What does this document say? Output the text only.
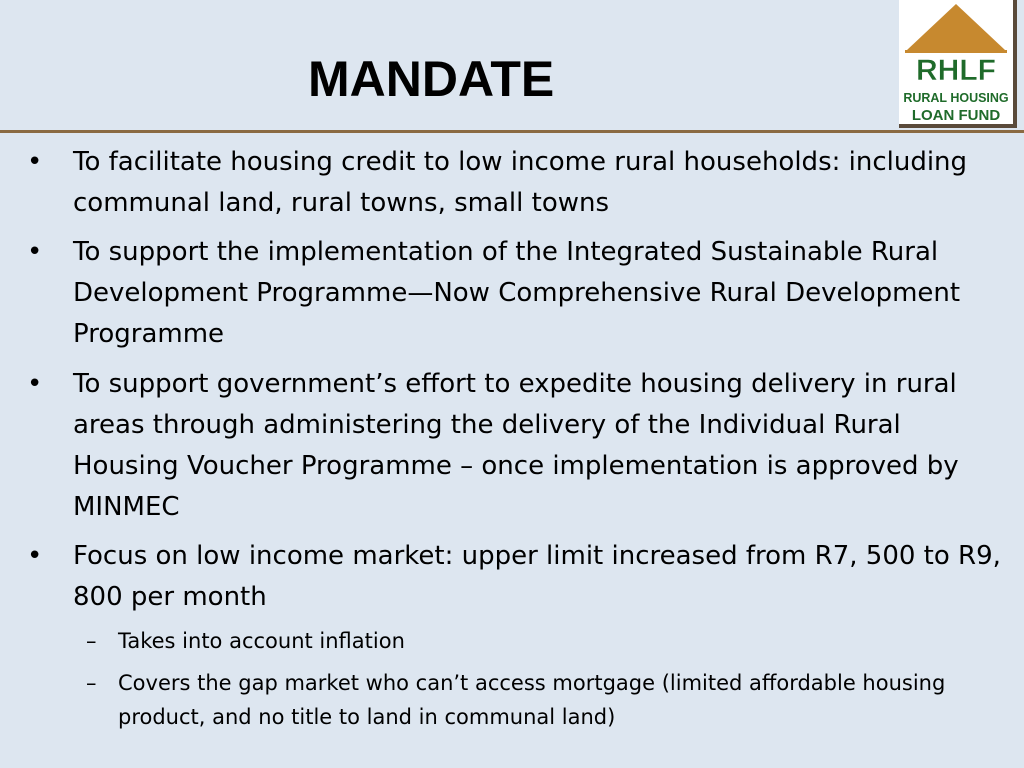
MANDATE	RHLF
RURAL HOUSING
LOAN FUND
• To facilitate housing credit to low income rural households: including communal land, rural towns, small towns
• To support the implementation of the Integrated Sustainable Rural Development Programme—Now Comprehensive Rural Development Programme
• To support government’s effort to expedite housing delivery in rural areas through administering the delivery of the Individual Rural Housing Voucher Programme – once implementation is approved by MINMEC
• Focus on low income market: upper limit increased from R7, 500 to R9, 800 per month
– Takes into account inflation
– Covers the gap market who can’t access mortgage (limited affordable housing product, and no title to land in communal land)
